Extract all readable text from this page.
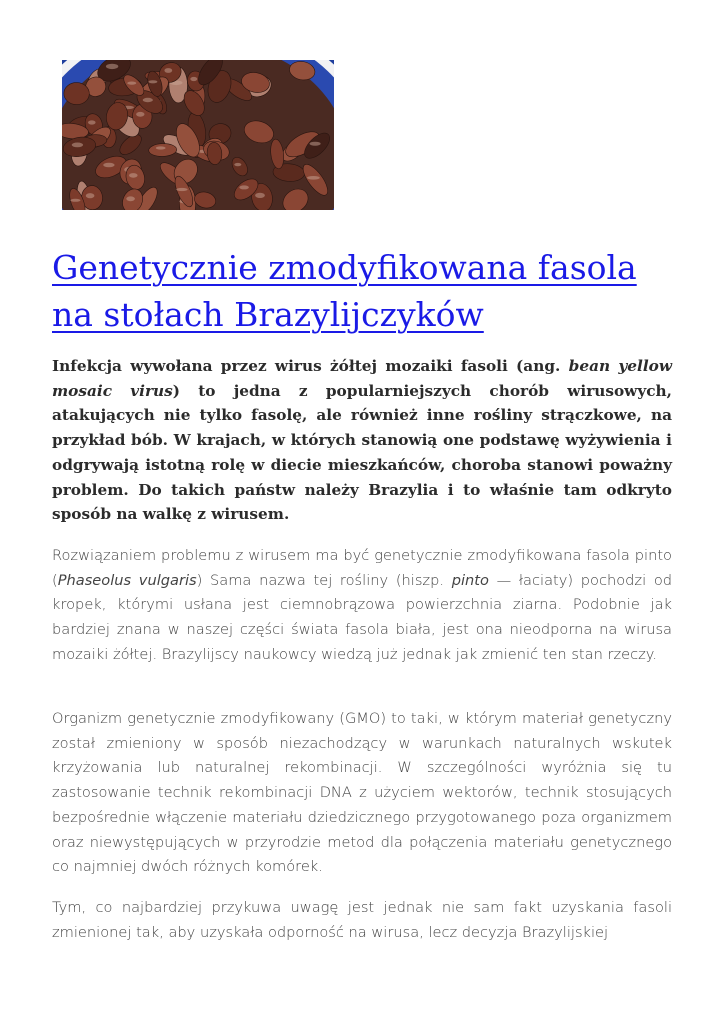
Genetycznie zmodyfikowana fasola na stołach Brazylijczyków

Infekcja wywołana przez wirus żółtej mozaiki fasoli (ang. bean yellow mosaic virus) to jedna z popularniejszych chorób wirusowych, atakujących nie tylko fasolę, ale również inne rośliny strączkowe, na przykład bób. W krajach, w których stanowią one podstawę wyżywienia i odgrywają istotną rolę w diecie mieszkańców, choroba stanowi poważny problem. Do takich państw należy Brazylia i to właśnie tam odkryto sposób na walkę z wirusem.

Rozwiązaniem problemu z wirusem ma być genetycznie zmodyfikowana fasola pinto (Phaseolus vulgaris) Sama nazwa tej rośliny (hiszp. pinto — łaciaty) pochodzi od kropek, którymi usłana jest ciemnobrązowa powierzchnia ziarna. Podobnie jak bardziej znana w naszej części świata fasola biała, jest ona nieodporna na wirusa mozaiki żółtej. Brazylijscy naukowcy wiedzą już jednak jak zmienić ten stan rzeczy.

Organizm genetycznie zmodyfikowany (GMO) to taki, w którym materiał genetyczny został zmieniony w sposób niezachodzący w warunkach naturalnych wskutek krzyżowania lub naturalnej rekombinacji. W szczególności wyróżnia się tu zastosowanie technik rekombinacji DNA z użyciem wektorów, technik stosujących bezpośrednie włączenie materiału dziedzicznego przygotowanego poza organizmem oraz niewystępujących w przyrodzie metod dla połączenia materiału genetycznego co najmniej dwóch różnych komórek.

Tym, co najbardziej przykuwa uwagę jest jednak nie sam fakt uzyskania fasoli zmienionej tak, aby uzyskała odporność na wirusa, lecz decyzja Brazylijskiej
